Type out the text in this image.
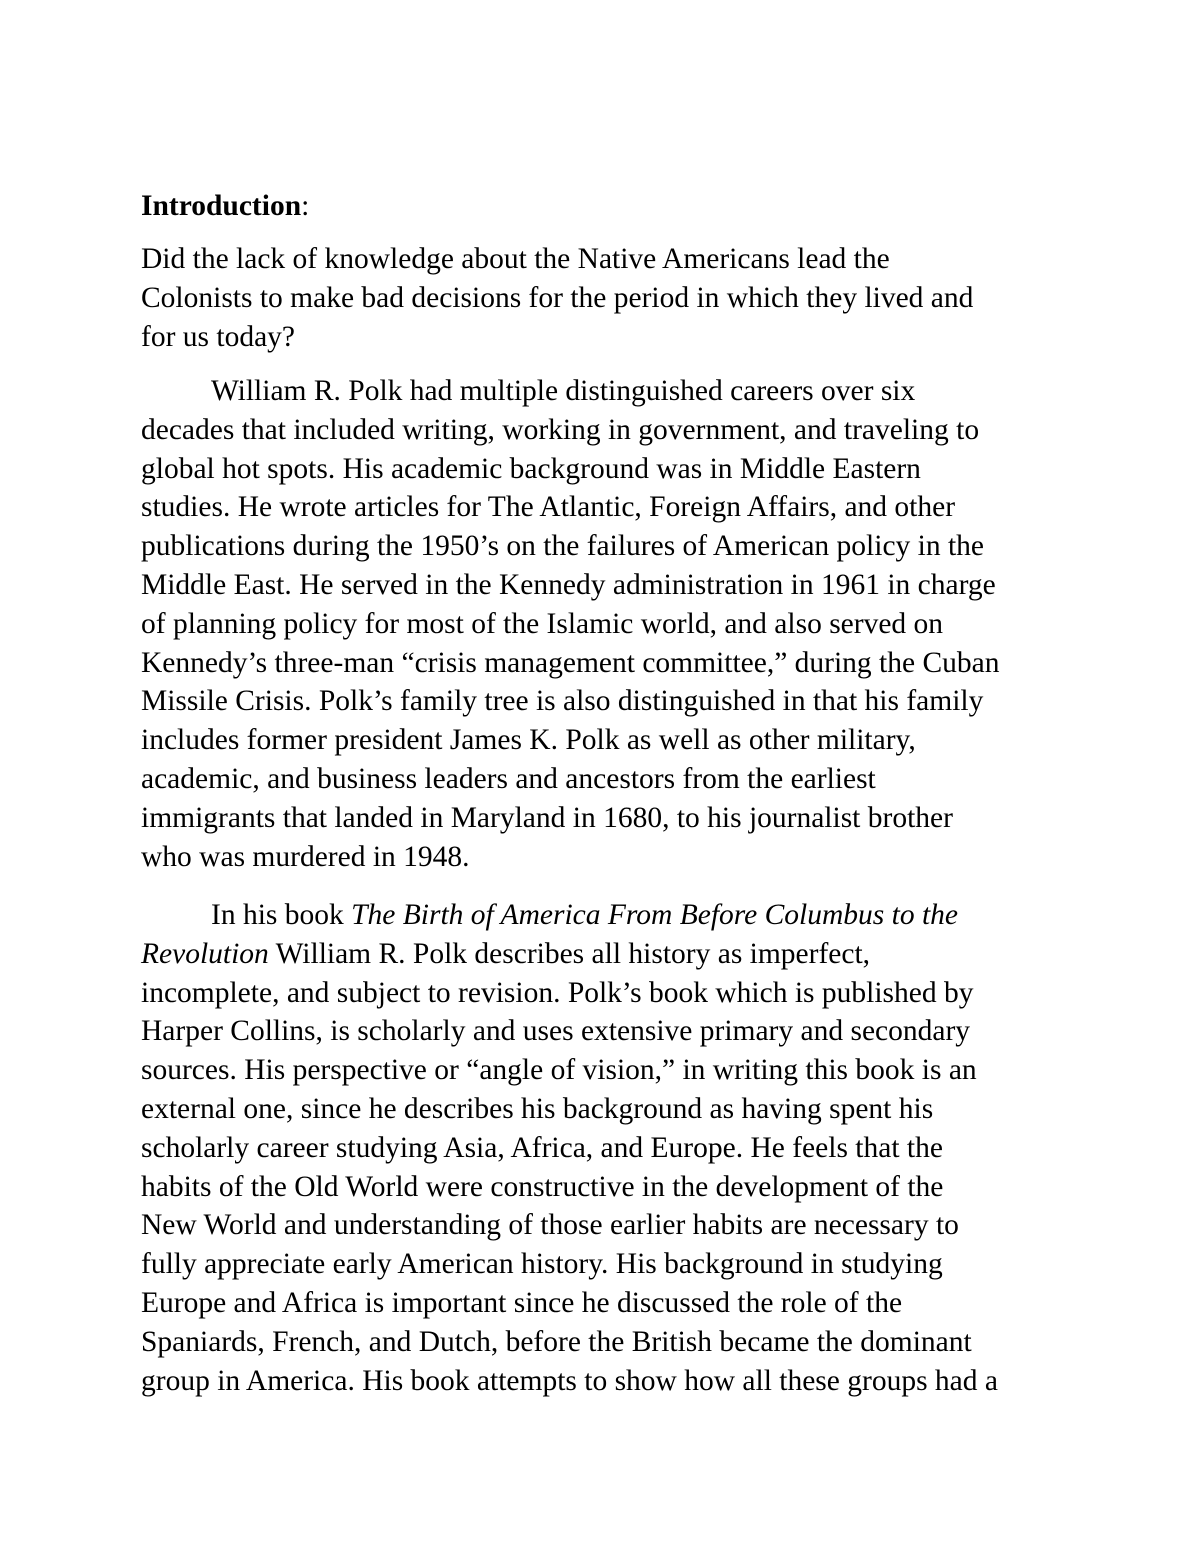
Introduction:
Did the lack of knowledge about the Native Americans lead the
Colonists to make bad decisions for the period in which they lived and
for us today?
William R. Polk had multiple distinguished careers over six
decades that included writing, working in government, and traveling to
global hot spots. His academic background was in Middle Eastern
studies. He wrote articles for The Atlantic, Foreign Affairs, and other
publications during the 1950’s on the failures of American policy in the
Middle East. He served in the Kennedy administration in 1961 in charge
of planning policy for most of the Islamic world, and also served on
Kennedy’s three-man “crisis management committee,” during the Cuban
Missile Crisis. Polk’s family tree is also distinguished in that his family
includes former president James K. Polk as well as other military,
academic, and business leaders and ancestors from the earliest
immigrants that landed in Maryland in 1680, to his journalist brother
who was murdered in 1948.
In his book The Birth of America From Before Columbus to the
Revolution William R. Polk describes all history as imperfect,
incomplete, and subject to revision. Polk’s book which is published by
Harper Collins, is scholarly and uses extensive primary and secondary
sources. His perspective or “angle of vision,” in writing this book is an
external one, since he describes his background as having spent his
scholarly career studying Asia, Africa, and Europe. He feels that the
habits of the Old World were constructive in the development of the
New World and understanding of those earlier habits are necessary to
fully appreciate early American history. His background in studying
Europe and Africa is important since he discussed the role of the
Spaniards, French, and Dutch, before the British became the dominant
group in America. His book attempts to show how all these groups had a
